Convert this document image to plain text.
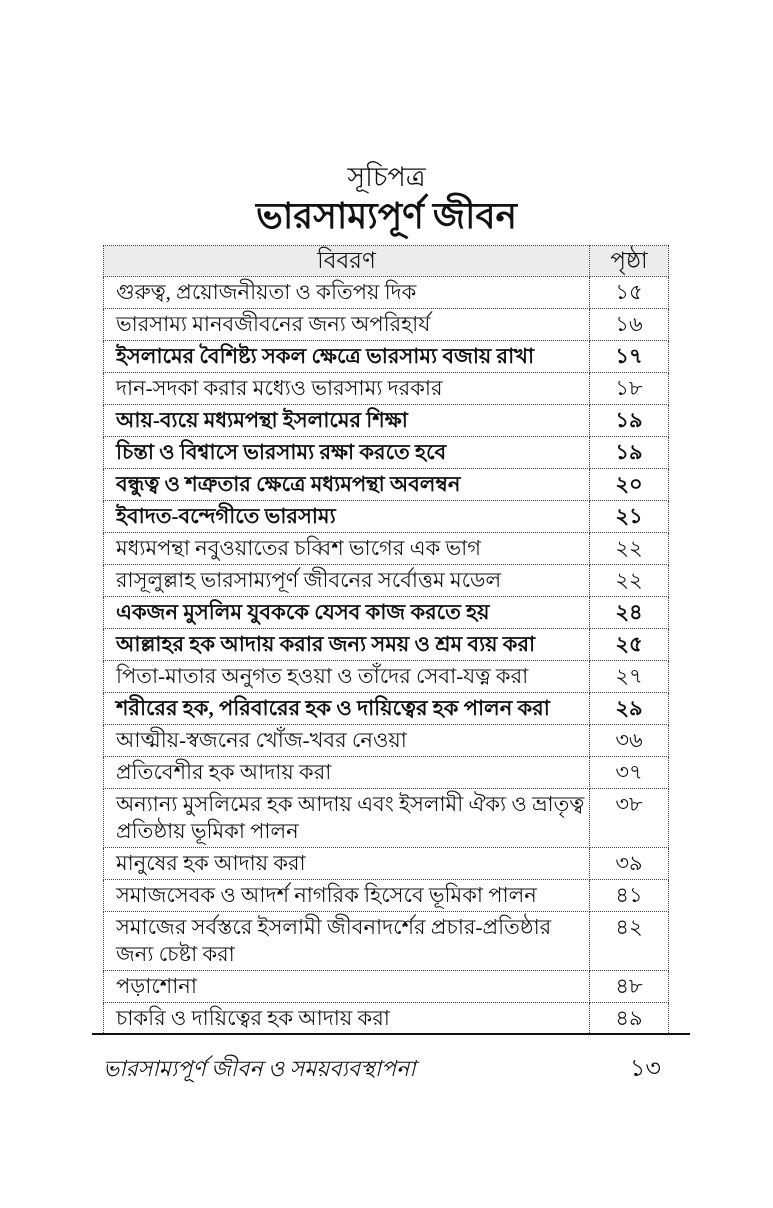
সূচিপত্র
ভারসাম্যপূর্ণ জীবন
বিবরণ	পৃষ্ঠা
গুরুত্ব, প্রয়োজনীয়তা ও কতিপয় দিক	১৫
ভারসাম্য মানবজীবনের জন্য অপরিহার্য	১৬
ইসলামের বৈশিষ্ট্য সকল ক্ষেত্রে ভারসাম্য বজায় রাখা	১৭
দান-সদকা করার মধ্যেও ভারসাম্য দরকার	১৮
আয়-ব্যয়ে মধ্যমপন্থা ইসলামের শিক্ষা	১৯
চিন্তা ও বিশ্বাসে ভারসাম্য রক্ষা করতে হবে	১৯
বন্ধুত্ব ও শত্রুতার ক্ষেত্রে মধ্যমপন্থা অবলম্বন	২০
ইবাদত-বন্দেগীতে ভারসাম্য	২১
মধ্যমপন্থা নবুওয়াতের চব্বিশ ভাগের এক ভাগ	২২
রাসূলুল্লাহ ভারসাম্যপূর্ণ জীবনের সর্বোত্তম মডেল	২২
একজন মুসলিম যুবককে যেসব কাজ করতে হয়	২৪
আল্লাহর হক আদায় করার জন্য সময় ও শ্রম ব্যয় করা	২৫
পিতা-মাতার অনুগত হওয়া ও তাঁদের সেবা-যত্ন করা	২৭
শরীরের হক, পরিবারের হক ও দায়িত্বের হক পালন করা	২৯
আত্মীয়-স্বজনের খোঁজ-খবর নেওয়া	৩৬
প্রতিবেশীর হক আদায় করা	৩৭
অন্যান্য মুসলিমের হক আদায় এবং ইসলামী ঐক্য ও ভ্রাতৃত্ব প্রতিষ্ঠায় ভূমিকা পালন	৩৮
মানুষের হক আদায় করা	৩৯
সমাজসেবক ও আদর্শ নাগরিক হিসেবে ভূমিকা পালন	৪১
সমাজের সর্বস্তরে ইসলামী জীবনাদর্শের প্রচার-প্রতিষ্ঠার জন্য চেষ্টা করা	৪২
পড়াশোনা	৪৮
চাকরি ও দায়িত্বের হক আদায় করা	৪৯
ভারসাম্যপূর্ণ জীবন ও সময়ব্যবস্থাপনা	১৩
